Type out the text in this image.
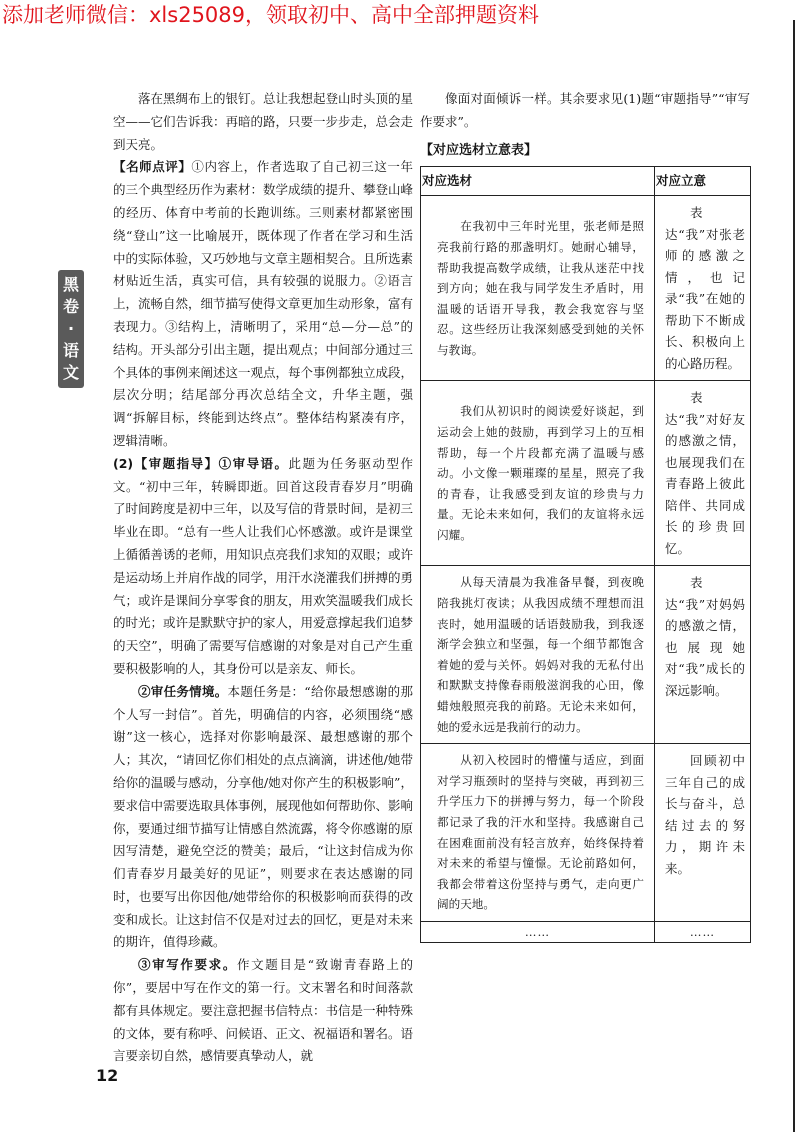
添加老师微信：xls25089，领取初中、高中全部押题资料
黑
卷
·
语
文

落在黑绸布上的银钉。总让我想起登山时头顶的星空——它们告诉我：再暗的路，只要一步步走，总会走到天亮。

【名师点评】①内容上，作者选取了自己初三这一年的三个典型经历作为素材：数学成绩的提升、攀登山峰的经历、体育中考前的长跑训练。三则素材都紧密围绕“登山”这一比喻展开，既体现了作者在学习和生活中的实际体验，又巧妙地与文章主题相契合。且所选素材贴近生活，真实可信，具有较强的说服力。②语言上，流畅自然，细节描写使得文章更加生动形象，富有表现力。③结构上，清晰明了，采用“总—分—总”的结构。开头部分引出主题，提出观点；中间部分通过三个具体的事例来阐述这一观点，每个事例都独立成段，层次分明；结尾部分再次总结全文，升华主题，强调“拆解目标，终能到达终点”。整体结构紧凑有序，逻辑清晰。

(2)【审题指导】①审导语。此题为任务驱动型作文。“初中三年，转瞬即逝。回首这段青春岁月”明确了时间跨度是初中三年，以及写信的背景时间，是初三毕业在即。“总有一些人让我们心怀感激。或许是课堂上循循善诱的老师，用知识点亮我们求知的双眼；或许是运动场上并肩作战的同学，用汗水浇灌我们拼搏的勇气；或许是课间分享零食的朋友，用欢笑温暖我们成长的时光；或许是默默守护的家人，用爱意撑起我们追梦的天空”，明确了需要写信感谢的对象是对自己产生重要积极影响的人，其身份可以是亲友、师长。

②审任务情境。本题任务是：“给你最想感谢的那个人写一封信”。首先，明确信的内容，必须围绕“感谢”这一核心，选择对你影响最深、最想感谢的那个人；其次，“请回忆你们相处的点点滴滴，讲述他/她带给你的温暖与感动，分享他/她对你产生的积极影响”，要求信中需要选取具体事例，展现他如何帮助你、影响你，要通过细节描写让情感自然流露，将令你感谢的原因写清楚，避免空泛的赞美；最后，“让这封信成为你们青春岁月最美好的见证”，则要求在表达感谢的同时，也要写出你因他/她带给你的积极影响而获得的改变和成长。让这封信不仅是对过去的回忆，更是对未来的期许，值得珍藏。

③审写作要求。作文题目是“致谢青春路上的你”，要居中写在作文的第一行。文末署名和时间落款都有具体规定。要注意把握书信特点：书信是一种特殊的文体，要有称呼、问候语、正文、祝福语和署名。语言要亲切自然，感情要真挚动人，就

像面对面倾诉一样。其余要求见(1)题“审题指导”“审写作要求”。

【对应选材立意表】
对应选材	对应立意
在我初中三年时光里，张老师是照亮我前行路的那盏明灯。她耐心辅导，帮助我提高数学成绩，让我从迷茫中找到方向；她在我与同学发生矛盾时，用温暖的话语开导我，教会我宽容与坚忍。这些经历让我深刻感受到她的关怀与教诲。	表达“我”对张老师的感激之情，也记录“我”在她的帮助下不断成长、积极向上的心路历程。
我们从初识时的阅读爱好谈起，到运动会上她的鼓励，再到学习上的互相帮助，每一个片段都充满了温暖与感动。小文像一颗璀璨的星星，照亮了我的青春，让我感受到友谊的珍贵与力量。无论未来如何，我们的友谊将永远闪耀。	表达“我”对好友的感激之情，也展现我们在青春路上彼此陪伴、共同成长的珍贵回忆。
从每天清晨为我准备早餐，到夜晚陪我挑灯夜读；从我因成绩不理想而沮丧时，她用温暖的话语鼓励我，到我逐渐学会独立和坚强，每一个细节都饱含着她的爱与关怀。妈妈对我的无私付出和默默支持像春雨般滋润我的心田，像蜡烛般照亮我的前路。无论未来如何，她的爱永远是我前行的动力。	表达“我”对妈妈的感激之情，也展现她对“我”成长的深远影响。
从初入校园时的懵懂与适应，到面对学习瓶颈时的坚持与突破，再到初三升学压力下的拼搏与努力，每一个阶段都记录了我的汗水和坚持。我感谢自己在困难面前没有轻言放弃，始终保持着对未来的希望与憧憬。无论前路如何，我都会带着这份坚持与勇气，走向更广阔的天地。	回顾初中三年自己的成长与奋斗，总结过去的努力，期许未来。
……	……
12
